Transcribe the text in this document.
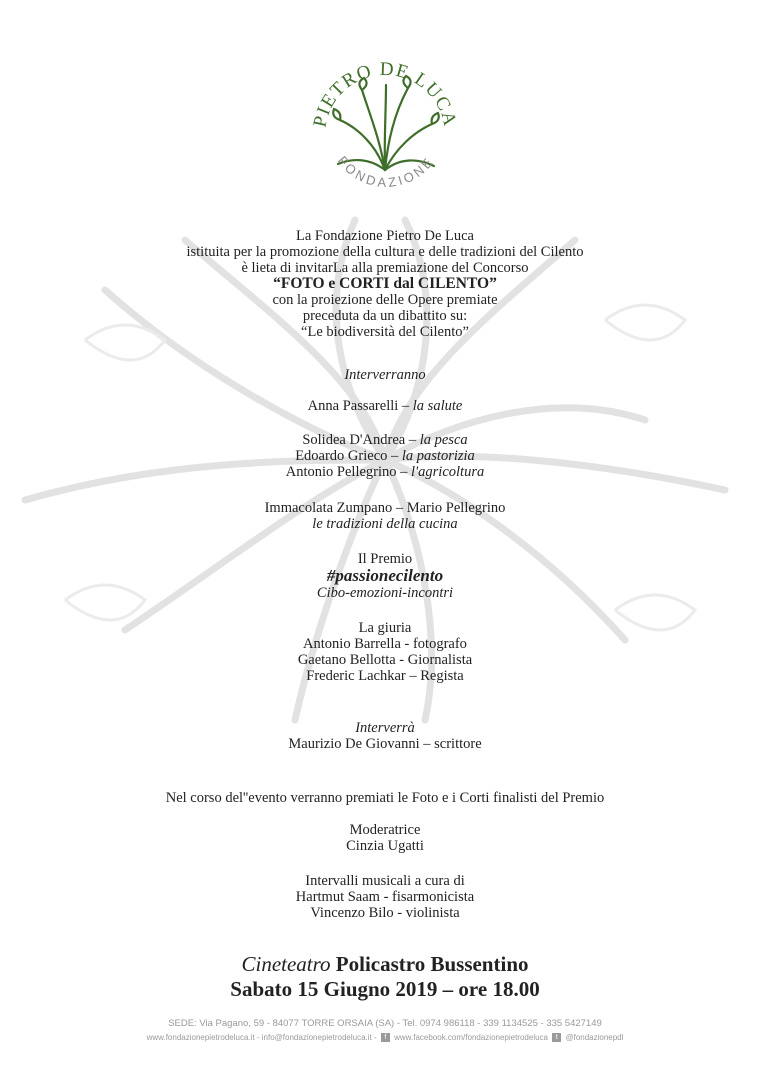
PIETRO DE LUCA
FONDAZIONE
La Fondazione Pietro De Luca
istituita per la promozione della cultura e delle tradizioni del Cilento
è lieta di invitarLa alla premiazione del Concorso
“FOTO e CORTI dal CILENTO”
con la proiezione delle Opere premiate
preceduta da un dibattito su:
“Le biodiversità del Cilento”
Interverranno
Anna Passarelli – la salute
Solidea D'Andrea – la pesca
Edoardo Grieco – la pastorizia
Antonio Pellegrino – l'agricoltura
Immacolata Zumpano – Mario Pellegrino
le tradizioni della cucina
Il Premio
#passionecilento
Cibo-emozioni-incontri
La giuria
Antonio Barrella - fotografo
Gaetano Bellotta - Giornalista
Frederic Lachkar – Regista
Interverrà
Maurizio De Giovanni – scrittore
Nel corso del''evento verranno premiati le Foto e i Corti finalisti del Premio
Moderatrice
Cinzia Ugatti
Intervalli musicali a cura di
Hartmut Saam - fisarmonicista
Vincenzo Bilo - violinista
Cineteatro Policastro Bussentino
Sabato 15 Giugno 2019 – ore 18.00
SEDE: Via Pagano, 59 - 84077 TORRE ORSAIA (SA) - Tel. 0974 986118 - 339 1134525 - 335 5427149
www.fondazionepietrodeluca.it - info@fondazionepietrodeluca.it - f www.facebook.com/fondazionepietrodeluca t @fondazionepdl
